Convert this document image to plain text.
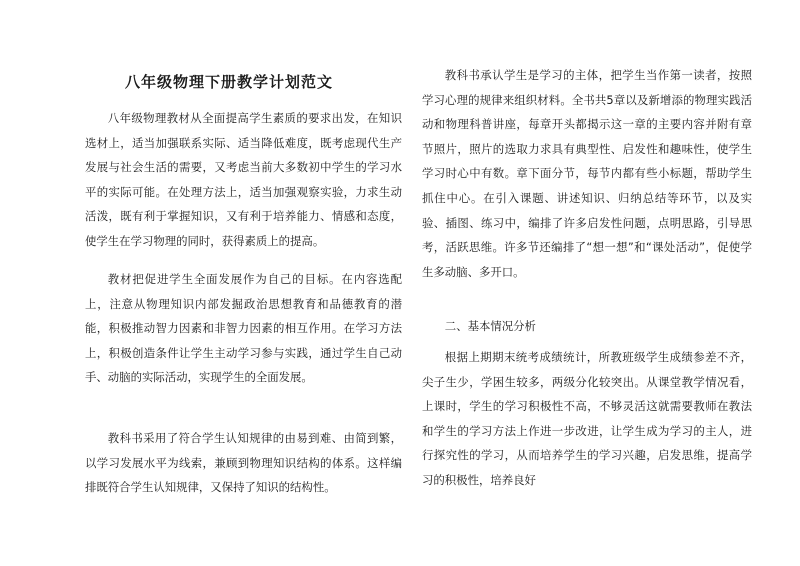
八年级物理下册教学计划范文

八年级物理教材从全面提高学生素质的要求出发，在知识选材上，适当加强联系实际、适当降低难度，既考虑现代生产发展与社会生活的需要，又考虑当前大多数初中学生的学习水平的实际可能。在处理方法上，适当加强观察实验，力求生动活泼，既有利于掌握知识，又有利于培养能力、情感和态度，使学生在学习物理的同时，获得素质上的提高。

教材把促进学生全面发展作为自己的目标。在内容选配上，注意从物理知识内部发掘政治思想教育和品德教育的潜能，积极推动智力因素和非智力因素的相互作用。在学习方法上，积极创造条件让学生主动学习参与实践，通过学生自己动手、动脑的实际活动，实现学生的全面发展。

教科书采用了符合学生认知规律的由易到难、由简到繁，以学习发展水平为线索，兼顾到物理知识结构的体系。这样编排既符合学生认知规律，又保持了知识的结构性。

教科书承认学生是学习的主体，把学生当作第一读者，按照学习心理的规律来组织材料。全书共5章以及新增添的物理实践活动和物理科普讲座，每章开头都揭示这一章的主要内容并附有章节照片，照片的选取力求具有典型性、启发性和趣味性，使学生学习时心中有数。章下面分节，每节内都有些小标题，帮助学生抓住中心。在引入课题、讲述知识、归纳总结等环节，以及实验、插图、练习中，编排了许多启发性问题，点明思路，引导思考，活跃思维。许多节还编排了“想一想”和“课处活动”，促使学生多动脑、多开口。

二、基本情况分析

根据上期期末统考成绩统计，所教班级学生成绩参差不齐，尖子生少，学困生较多，两级分化较突出。从课堂教学情况看，上课时，学生的学习积极性不高，不够灵活这就需要教师在教法和学生的学习方法上作进一步改进，让学生成为学习的主人，进行探究性的学习，从而培养学生的学习兴趣，启发思维，提高学习的积极性，培养良好
